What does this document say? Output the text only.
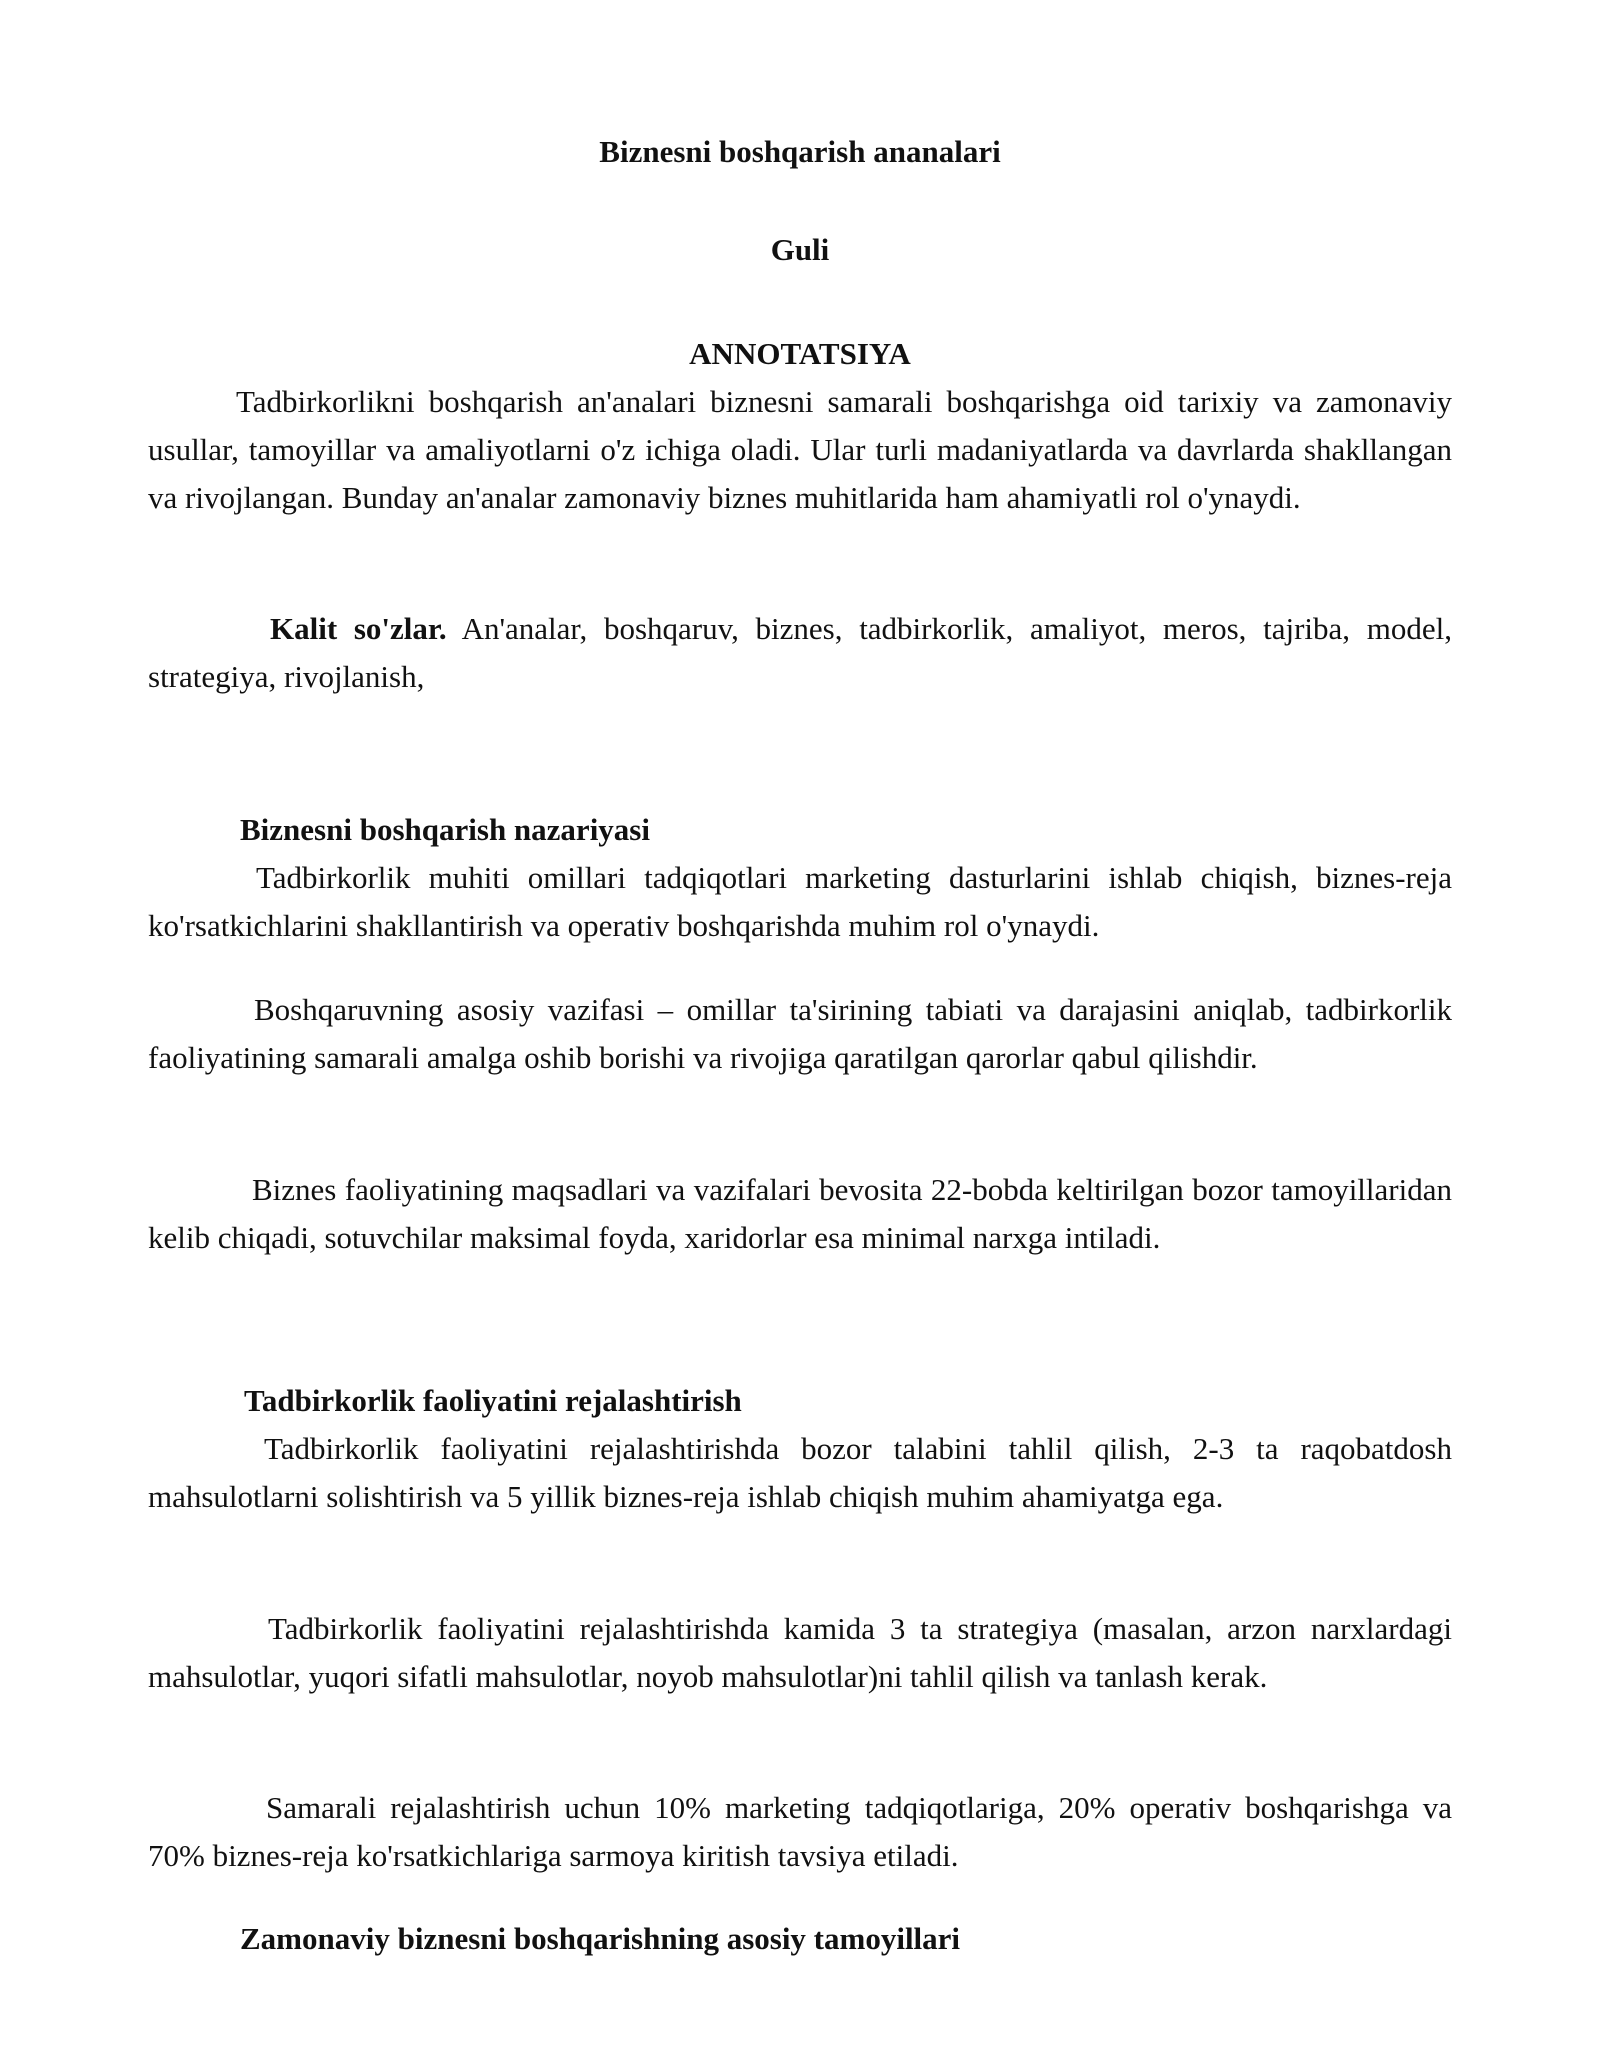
Biznesni boshqarish ananalari
Guli
ANNOTATSIYA

Tadbirkorlikni boshqarish an'analari biznesni samarali boshqarishga oid tarixiy va zamonaviy usullar, tamoyillar va amaliyotlarni o'z ichiga oladi. Ular turli madaniyatlarda va davrlarda shakllangan va rivojlangan. Bunday an'analar zamonaviy biznes muhitlarida ham ahamiyatli rol o'ynaydi.

Kalit so'zlar. An'analar, boshqaruv, biznes, tadbirkorlik, amaliyot, meros, tajriba, model, strategiya, rivojlanish,

Biznesni boshqarish nazariyasi

Tadbirkorlik muhiti omillari tadqiqotlari marketing dasturlarini ishlab chiqish, biznes-reja ko'rsatkichlarini shakllantirish va operativ boshqarishda muhim rol o'ynaydi.

Boshqaruvning asosiy vazifasi – omillar ta'sirining tabiati va darajasini aniqlab, tadbirkorlik faoliyatining samarali amalga oshib borishi va rivojiga qaratilgan qarorlar qabul qilishdir.

Biznes faoliyatining maqsadlari va vazifalari bevosita 22-bobda keltirilgan bozor tamoyillaridan kelib chiqadi, sotuvchilar maksimal foyda, xaridorlar esa minimal narxga intiladi.

Tadbirkorlik faoliyatini rejalashtirish

Tadbirkorlik faoliyatini rejalashtirishda bozor talabini tahlil qilish, 2-3 ta raqobatdosh mahsulotlarni solishtirish va 5 yillik biznes-reja ishlab chiqish muhim ahamiyatga ega.

Tadbirkorlik faoliyatini rejalashtirishda kamida 3 ta strategiya (masalan, arzon narxlardagi mahsulotlar, yuqori sifatli mahsulotlar, noyob mahsulotlar)ni tahlil qilish va tanlash kerak.

Samarali rejalashtirish uchun 10% marketing tadqiqotlariga, 20% operativ boshqarishga va 70% biznes-reja ko'rsatkichlariga sarmoya kiritish tavsiya etiladi.

Zamonaviy biznesni boshqarishning asosiy tamoyillari
